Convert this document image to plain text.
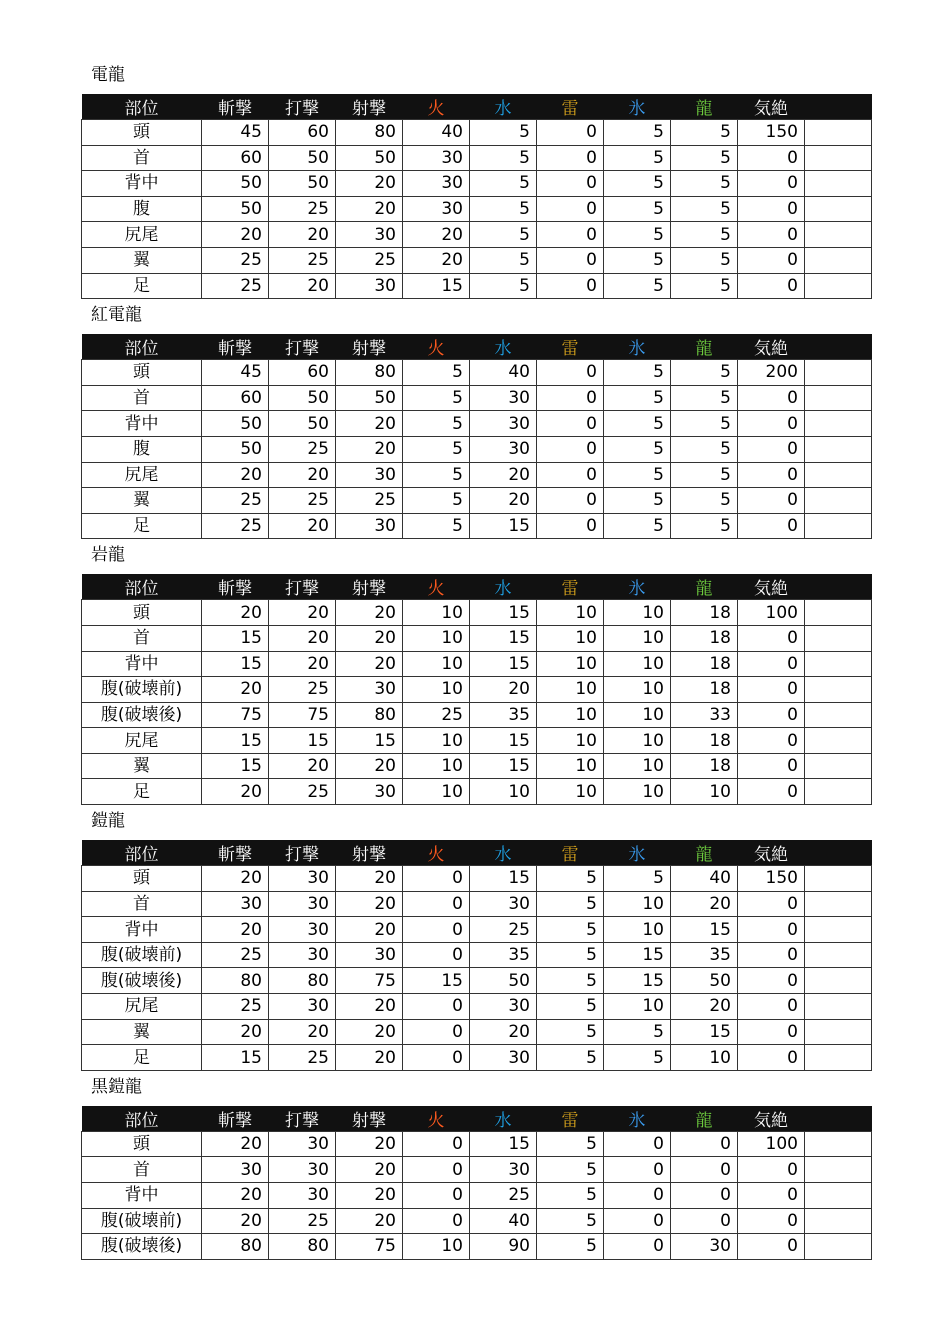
電龍
部位	斬撃	打撃	射撃	火	水	雷	氷	龍	気絶	
頭	45	60	80	40	5	0	5	5	150	
首	60	50	50	30	5	0	5	5	0	
背中	50	50	20	30	5	0	5	5	0	
腹	50	25	20	30	5	0	5	5	0	
尻尾	20	20	30	20	5	0	5	5	0	
翼	25	25	25	20	5	0	5	5	0	
足	25	20	30	15	5	0	5	5	0	
紅電龍
部位	斬撃	打撃	射撃	火	水	雷	氷	龍	気絶	
頭	45	60	80	5	40	0	5	5	200	
首	60	50	50	5	30	0	5	5	0	
背中	50	50	20	5	30	0	5	5	0	
腹	50	25	20	5	30	0	5	5	0	
尻尾	20	20	30	5	20	0	5	5	0	
翼	25	25	25	5	20	0	5	5	0	
足	25	20	30	5	15	0	5	5	0	
岩龍
部位	斬撃	打撃	射撃	火	水	雷	氷	龍	気絶	
頭	20	20	20	10	15	10	10	18	100	
首	15	20	20	10	15	10	10	18	0	
背中	15	20	20	10	15	10	10	18	0	
腹(破壊前)	20	25	30	10	20	10	10	18	0	
腹(破壊後)	75	75	80	25	35	10	10	33	0	
尻尾	15	15	15	10	15	10	10	18	0	
翼	15	20	20	10	15	10	10	18	0	
足	20	25	30	10	10	10	10	10	0	
鎧龍
部位	斬撃	打撃	射撃	火	水	雷	氷	龍	気絶	
頭	20	30	20	0	15	5	5	40	150	
首	30	30	20	0	30	5	10	20	0	
背中	20	30	20	0	25	5	10	15	0	
腹(破壊前)	25	30	30	0	35	5	15	35	0	
腹(破壊後)	80	80	75	15	50	5	15	50	0	
尻尾	25	30	20	0	30	5	10	20	0	
翼	20	20	20	0	20	5	5	15	0	
足	15	25	20	0	30	5	5	10	0	
黒鎧龍
部位	斬撃	打撃	射撃	火	水	雷	氷	龍	気絶	
頭	20	30	20	0	15	5	0	0	100	
首	30	30	20	0	30	5	0	0	0	
背中	20	30	20	0	25	5	0	0	0	
腹(破壊前)	20	25	20	0	40	5	0	0	0	
腹(破壊後)	80	80	75	10	90	5	0	30	0	
